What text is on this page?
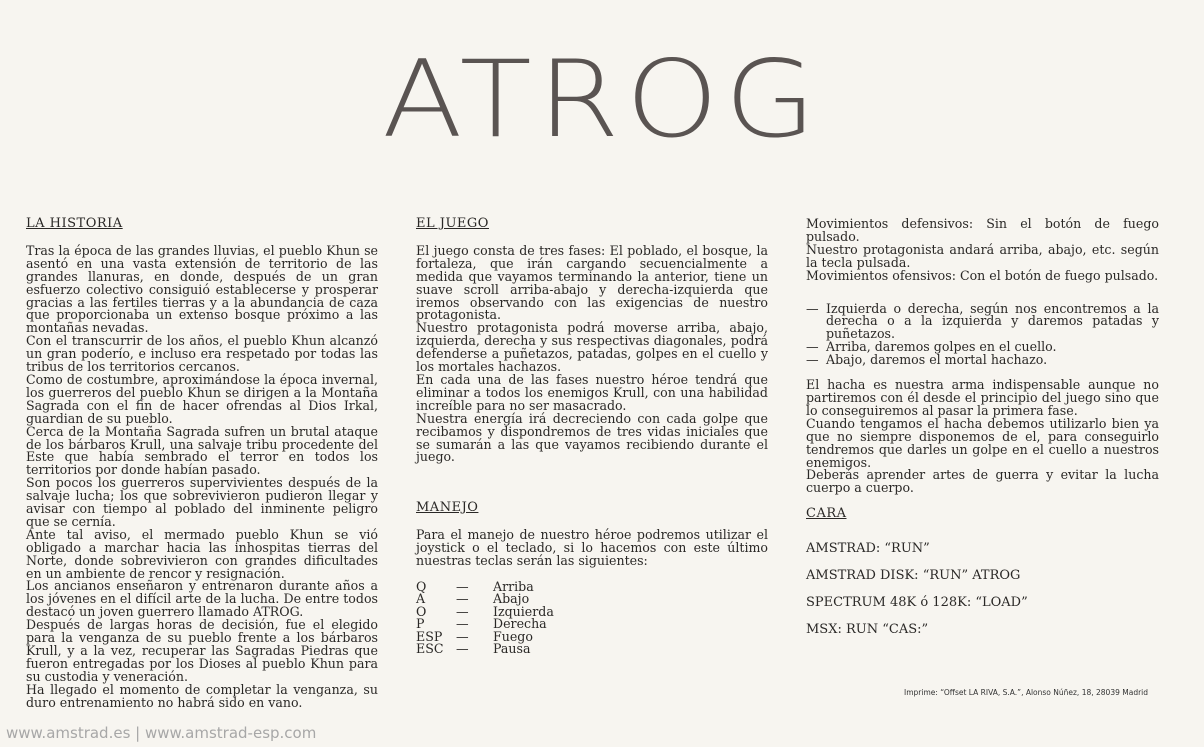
ATROG
LA HISTORIA

Tras la época de las grandes lluvias, el pueblo Khun se asentó en una vasta extensión de territorio de las grandes llanuras, en donde, después de un gran esfuerzo colectivo consiguió establecerse y prosperar gracias a las fertiles tierras y a la abundancia de caza que proporcionaba un extenso bosque próximo a las montañas nevadas.

Con el transcurrir de los años, el pueblo Khun alcanzó un gran poderío, e incluso era respetado por todas las tribus de los territorios cercanos.

Como de costumbre, aproximándose la época invernal, los guerreros del pueblo Khun se dirigen a la Montaña Sagrada con el fin de hacer ofrendas al Dios Irkal, guardian de su pueblo.

Cerca de la Montaña Sagrada sufren un brutal ataque de los bárbaros Krull, una salvaje tribu procedente del Este que había sembrado el terror en todos los territorios por donde habían pasado.

Son pocos los guerreros supervivientes después de la salvaje lucha; los que sobrevivieron pudieron llegar y avisar con tiempo al poblado del inminente peligro que se cernía.

Ante tal aviso, el mermado pueblo Khun se vió obligado a marchar hacia las inhospitas tierras del Norte, donde sobrevivieron con grandes dificultades en un ambiente de rencor y resignación.

Los ancianos enseñaron y entrenaron durante años a los jóvenes en el difícil arte de la lucha. De entre todos destacó un joven guerrero llamado ATROG.

Después de largas horas de decisión, fue el elegido para la venganza de su pueblo frente a los bárbaros Krull, y a la vez, recuperar las Sagradas Piedras que fueron entregadas por los Dioses al pueblo Khun para su custodia y veneración.

Ha llegado el momento de completar la venganza, su duro entrenamiento no habrá sido en vano.

EL JUEGO

El juego consta de tres fases: El poblado, el bosque, la fortaleza, que irán cargando secuencialmente a medida que vayamos terminando la anterior, tiene un suave scroll arriba-abajo y derecha-izquierda que iremos observando con las exigencias de nuestro protagonista.

Nuestro protagonista podrá moverse arriba, abajo, izquierda, derecha y sus respectivas diagonales, podrá defenderse a puñetazos, patadas, golpes en el cuello y los mortales hachazos.

En cada una de las fases nuestro héroe tendrá que eliminar a todos los enemigos Krull, con una habilidad increíble para no ser masacrado.

Nuestra energía irá decreciendo con cada golpe que recibamos y dispondremos de tres vidas iniciales que se sumarán a las que vayamos recibiendo durante el juego.

MANEJO

Para el manejo de nuestro héroe podremos utilizar el joystick o el teclado, si lo hacemos con este último nuestras teclas serán las siguientes:

Q	—	Arriba
A	—	Abajo
O	—	Izquierda
P	—	Derecha
ESP	—	Fuego
ESC —	Pausa

Movimientos defensivos: Sin el botón de fuego pulsado.

Nuestro protagonista andará arriba, abajo, etc. según la tecla pulsada.

Movimientos ofensivos: Con el botón de fuego pulsado.

— Izquierda o derecha, según nos encontremos a la derecha o a la izquierda y daremos patadas y puñetazos.
— Arriba, daremos golpes en el cuello.
— Abajo, daremos el mortal hachazo.

El hacha es nuestra arma indispensable aunque no partiremos con él desde el principio del juego sino que lo conseguiremos al pasar la primera fase.

Cuando tengamos el hacha debemos utilizarlo bien ya que no siempre disponemos de el, para conseguirlo tendremos que darles un golpe en el cuello a nuestros enemigos.

Deberás aprender artes de guerra y evitar la lucha cuerpo a cuerpo.

CARA
AMSTRAD: “RUN”
AMSTRAD DISK: “RUN” ATROG
SPECTRUM 48K ó 128K: “LOAD”
MSX: RUN “CAS:”
Imprime: “Offset LA RIVA, S.A.”, Alonso Núñez, 18, 28039 Madrid
www.amstrad.es | www.amstrad-esp.com
